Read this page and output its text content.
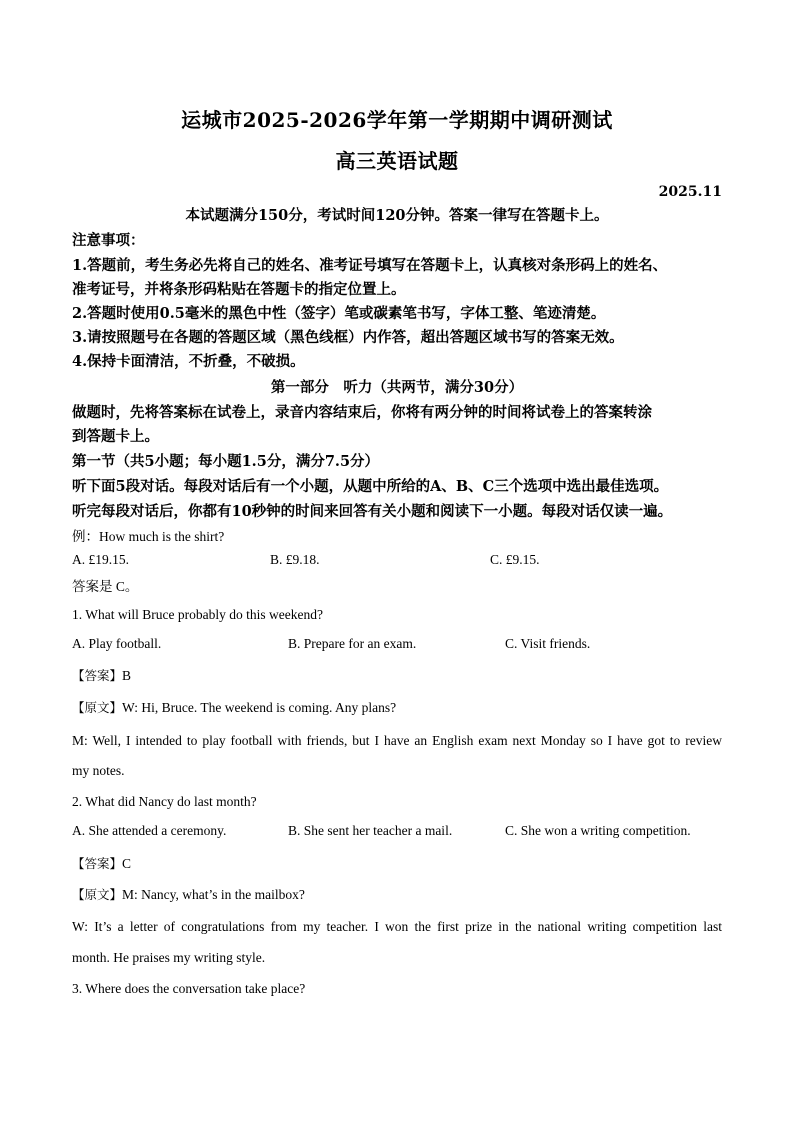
运城市2025-2026学年第一学期期中调研测试
高三英语试题
2025.11
本试题满分150分，考试时间120分钟。答案一律写在答题卡上。
注意事项：
1.答题前，考生务必先将自己的姓名、准考证号填写在答题卡上，认真核对条形码上的姓名、
准考证号，并将条形码粘贴在答题卡的指定位置上。
2.答题时使用0.5毫米的黑色中性（签字）笔或碳素笔书写，字体工整、笔迹清楚。
3.请按照题号在各题的答题区域（黑色线框）内作答，超出答题区域书写的答案无效。
4.保持卡面清洁，不折叠，不破损。
第一部分　听力（共两节，满分30分）
做题时，先将答案标在试卷上，录音内容结束后，你将有两分钟的时间将试卷上的答案转涂
到答题卡上。
第一节（共5小题；每小题1.5分，满分7.5分）
听下面5段对话。每段对话后有一个小题，从题中所给的A、B、C三个选项中选出最佳选项。
听完每段对话后，你都有10秒钟的时间来回答有关小题和阅读下一小题。每段对话仅读一遍。
例：How much is the shirt?
A. £19.15.	B. £9.18.	C. £9.15.
答案是 C。
1. What will Bruce probably do this weekend?
A. Play football.	B. Prepare for an exam.	C. Visit friends.
【答案】B
【原文】W: Hi, Bruce. The weekend is coming. Any plans?
M: Well, I intended to play football with friends, but I have an English exam next Monday so I have got to review
my notes.
2. What did Nancy do last month?
A. She attended a ceremony.	B. She sent her teacher a mail.	C. She won a writing competition.
【答案】C
【原文】M: Nancy, what’s in the mailbox?
W: It’s a letter of congratulations from my teacher. I won the first prize in the national writing competition last
month. He praises my writing style.
3. Where does the conversation take place?
